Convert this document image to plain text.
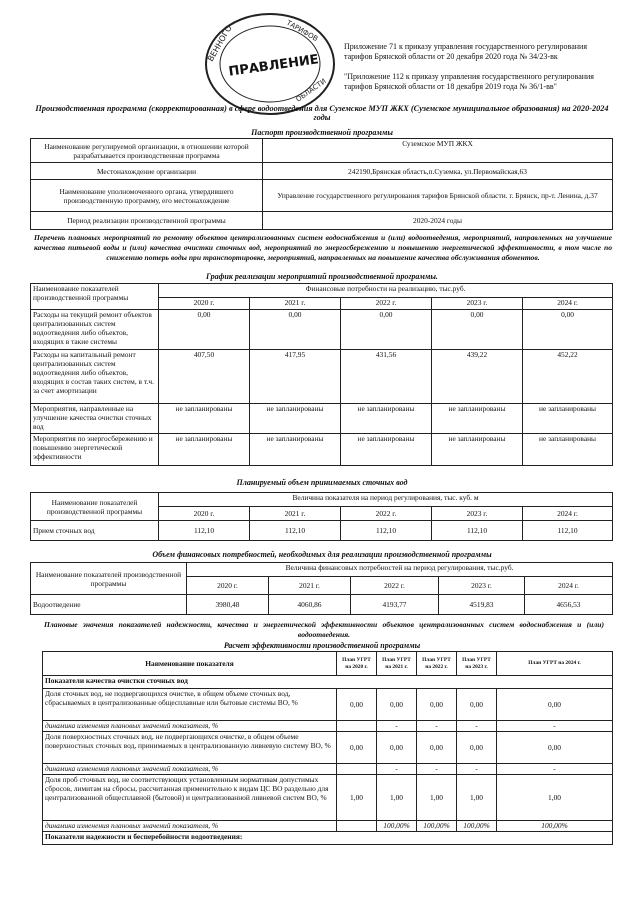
ВЕННОГО	ТАРИФОВ
ОБЛАСТИ
ПРАВЛЕНИЕ
Приложение 71 к приказу управления государственного регулирования тарифов Брянской области от 20 декабря 2020 года № 34/23-вк
"Приложение 112 к приказу управления государственного регулирования тарифов Брянской области от 18 декабря 2019 года № 36/1-вв"
Производственная программа (скорректированная) в сфере водоотведения для Суземское МУП ЖКХ (Суземское муниципальное образования) на 2020-2024 годы
Паспорт производственной программы
Наименование регулируемой организации, в отношении которой разрабатывается производственная программа	Суземское МУП ЖКХ
Местонахождение организации	242190,Брянская область,п.Суземка, ул.Первомайская,63
Наименование уполномоченного органа, утвердившего производственную программу, его местонахождение	Управление государственного регулирования тарифов Брянской области. г. Брянск, пр-т. Ленина, д.37
Период реализации производственной программы	2020-2024 годы
Перечень плановых мероприятий по ремонту объектов централизованных систем водоснабжения и (или) водоотведения, мероприятий, направленных на улучшение качества питьевой воды и (или) качества очистки сточных вод, мероприятий по энергосбережению и повышению энергетической эффективности, в том числе по снижению потерь воды при транспортировке, мероприятий, направленных на повышение качества обслуживания абонентов.
График реализации мероприятий производственной программы.
Наименование показателей производственной программы	Финансовые потребности на реализацию, тыс.руб.				
	2020 г.	2021 г.	2022 г.	2023 г.	2024 г.
Расходы на текущий ремонт объектов централизованных систем водоотведения либо объектов, входящих в такие системы	0,00	0,00	0,00	0,00	0,00
Расходы на капитальный ремонт централизованных систем водоотведения либо объектов, входящих в состав таких систем, в т.ч. за счет амортизации	407,50	417,95	431,56	439,22	452,22
Мероприятия, направленные на улучшение качества очистки сточных вод	не запланированы	не запланированы	не запланированы	не запланированы	не запланированы
Мероприятия по энергосбережению и повышению энергетической эффективности	не запланированы	не запланированы	не запланированы	не запланированы	не запланированы
Планируемый объем принимаемых сточных вод
Наименование показателей производственной программы	Величина показателя на период регулирования, тыс. куб. м				
	2020 г.	2021 г.	2022 г.	2023 г.	2024 г.
Прием сточных вод	112,10	112,10	112,10	112,10	112,10
Объем финансовых потребностей, необходимых для реализации производственной программы
Наименование показателей производственной программы	Величина финансовых потребностей на период регулирования, тыс.руб.				
	2020 г.	2021 г.	2022 г.	2023 г.	2024 г.
Водоотведение	3980,48	4060,86	4193,77	4519,83	4656,53
Плановые значения показателей надежности, качества и энергетической эффективности объектов централизованных систем водоснабжения и (или) водоотведения.
Расчет эффективности производственной программы
Наименование показателя	План УГРТ на 2020 г.	План УГРТ на 2021 г.	План УГРТ на 2022 г.	План УГРТ на 2023 г.	План УГРТ на 2024 г.
Показатели качества очистки сточных вод					
Доля сточных вод, не подвергающихся очистке, в общем объеме сточных вод, сбрасываемых в централизованные общесплавные или бытовые системы ВО, %	0,00	0,00	0,00	0,00	0,00
динамика изменения плановых значений показателя, %		-	-	-	-
Доля поверхностных сточных вод, не подвергающихся очистке, в общем объеме поверхностных сточных вод, принимаемых в централизованную ливневую систему ВО, %	0,00	0,00	0,00	0,00	0,00
динамика изменения плановых значений показателя, %		-	-	-	-
Доля проб сточных вод, не соответствующих установленным нормативам допустимых сбросов, лимитам на сбросы, рассчитанная применительно к видам ЦС ВО раздельно для централизованной общесплавной (бытовой) и централизованной ливневой систем ВО, %	1,00	1,00	1,00	1,00	1,00
динамика изменения плановых значений показателя, %		100,00%	100,00%	100,00%	100,00%
Показатели надежности и бесперебойности водоотведения:					
